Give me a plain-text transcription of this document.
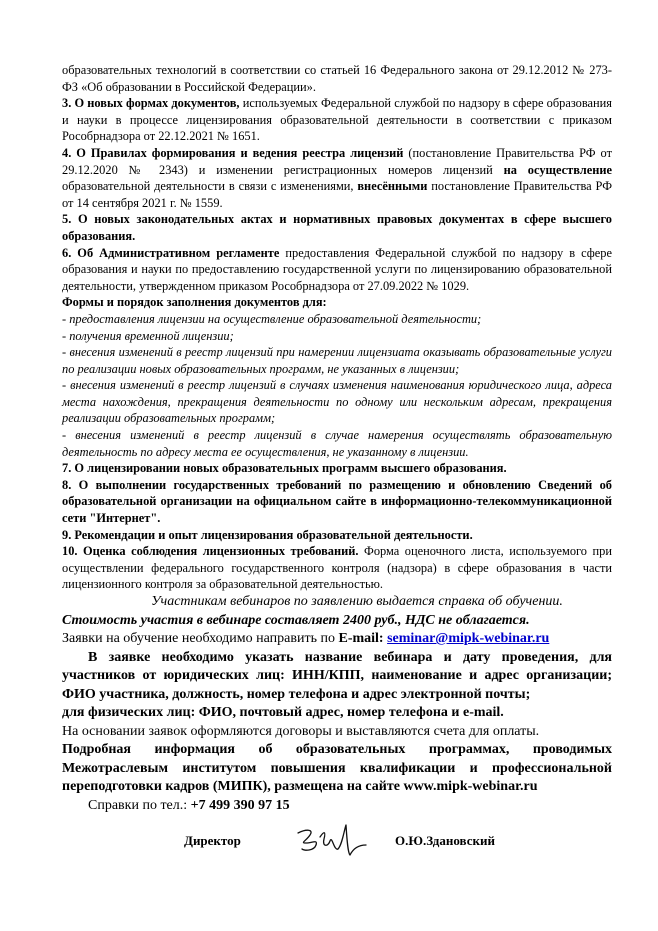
образовательных технологий в соответствии со статьей 16 Федерального закона от 29.12.2012 № 273-ФЗ «Об образовании в Российской Федерации».

3. О новых формах документов, используемых Федеральной службой по надзору в сфере образования и науки в процессе лицензирования образовательной деятельности в соответствии с приказом Рособрнадзора от 22.12.2021 № 1651.

4. О Правилах формирования и ведения реестра лицензий (постановление Правительства РФ от 29.12.2020 № 2343) и изменении регистрационных номеров лицензий на осуществление образовательной деятельности в связи с изменениями, внесёнными постановление Правительства РФ от 14 сентября 2021 г. № 1559.

5. О новых законодательных актах и нормативных правовых документах в сфере высшего образования.

6. Об Административном регламенте предоставления Федеральной службой по надзору в сфере образования и науки по предоставлению государственной услуги по лицензированию образовательной деятельности, утвержденном приказом Рособрнадзора от 27.09.2022 № 1029.

Формы и порядок заполнения документов для:

- предоставления лицензии на осуществление образовательной деятельности;

- получения временной лицензии;

- внесения изменений в реестр лицензий при намерении лицензиата оказывать образовательные услуги по реализации новых образовательных программ, не указанных в лицензии;

- внесения изменений в реестр лицензий в случаях изменения наименования юридического лица, адреса места нахождения, прекращения деятельности по одному или нескольким адресам, прекращения реализации образовательных программ;

- внесения изменений в реестр лицензий в случае намерения осуществлять образовательную деятельность по адресу места ее осуществления, не указанному в лицензии.

7. О лицензировании новых образовательных программ высшего образования.

8. О выполнении государственных требований по размещению и обновлению Сведений об образовательной организации на официальном сайте в информационно-телекоммуникационной сети "Интернет".

9. Рекомендации и опыт лицензирования образовательной деятельности.

10. Оценка соблюдения лицензионных требований. Форма оценочного листа, используемого при осуществлении федерального государственного контроля (надзора) в сфере образования в части лицензионного контроля за образовательной деятельностью.

Участникам вебинаров по заявлению выдается справка об обучении.

Стоимость участия в вебинаре составляет 2400 руб., НДС не облагается.

Заявки на обучение необходимо направить по E-mail: seminar@mipk-webinar.ru

В заявке необходимо указать название вебинара и дату проведения, для участников от юридических лиц: ИНН/КПП, наименование и адрес организации; ФИО участника, должность, номер телефона и адрес электронной почты;

для физических лиц: ФИО, почтовый адрес, номер телефона и e-mail.

На основании заявок оформляются договоры и выставляются счета для оплаты.

Подробная информация об образовательных программах, проводимых Межотраслевым институтом повышения квалификации и профессиональной переподготовки кадров (МИПК), размещена на сайте www.mipk-webinar.ru

Справки по тел.: +7 499 390 97 15

Директор	О.Ю.Здановский
